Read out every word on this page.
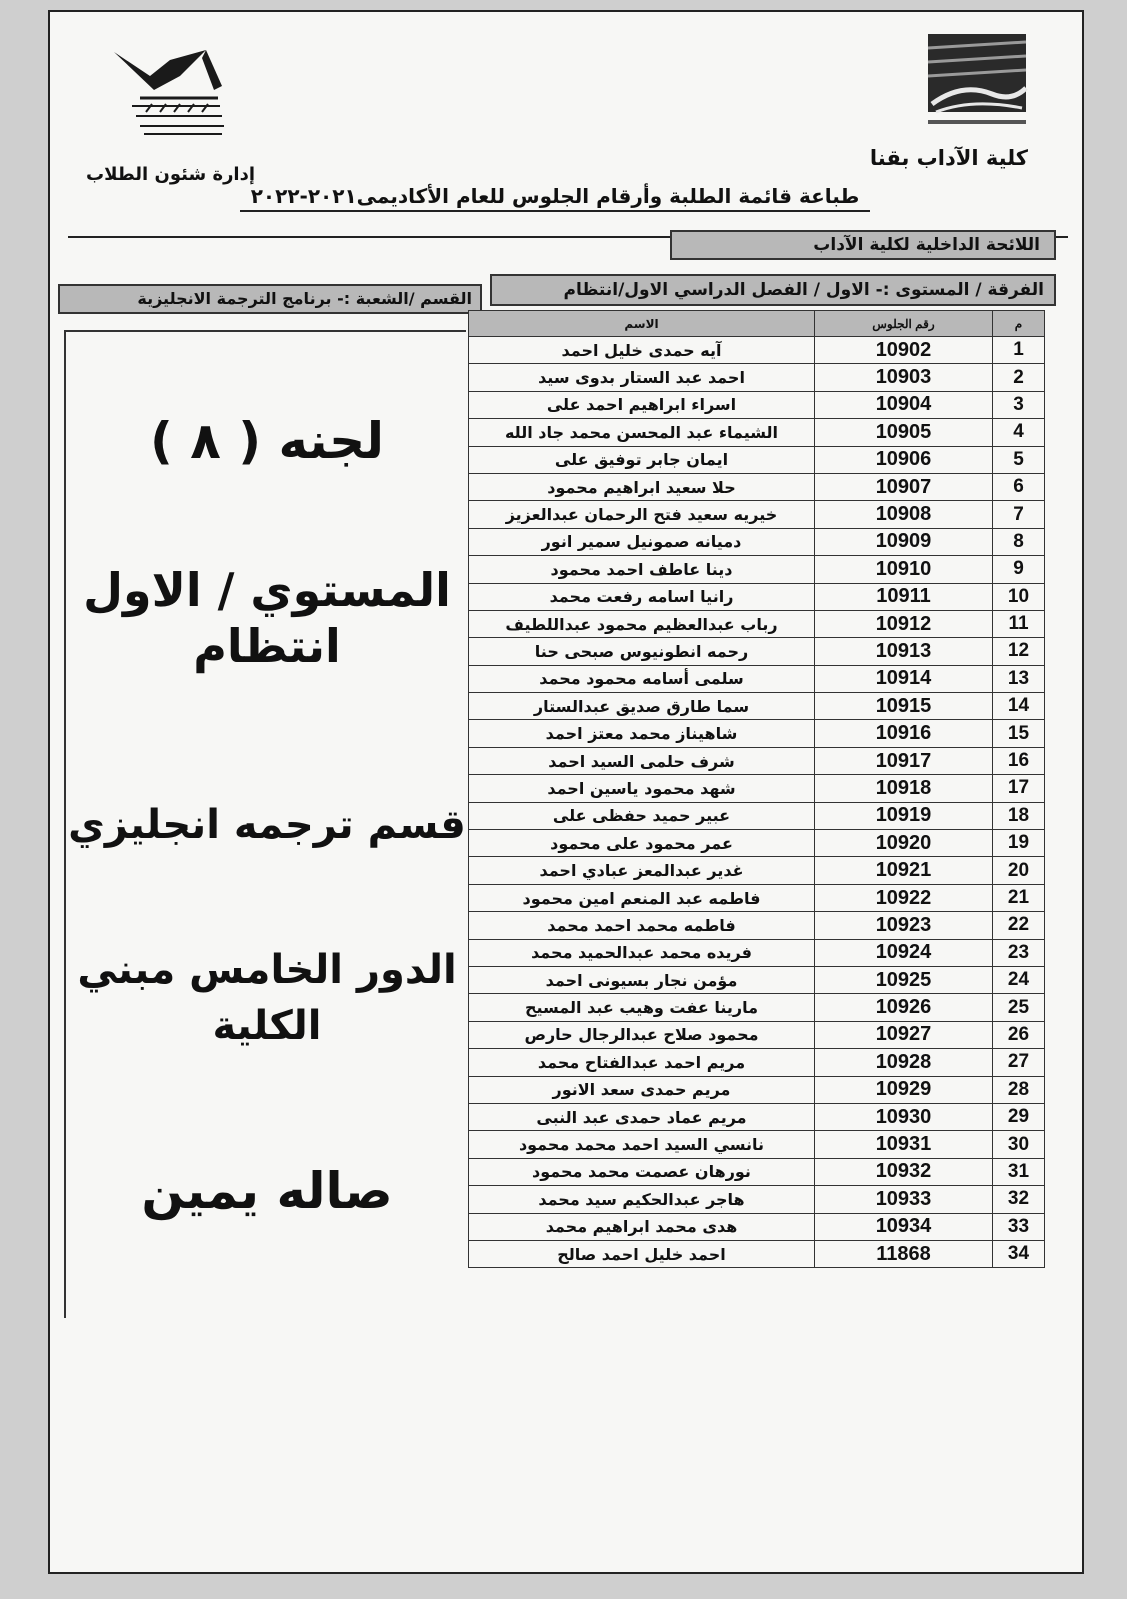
كلية الآداب بقنا
إدارة شئون الطلاب
طباعة قائمة الطلبة وأرقام الجلوس للعام الأكاديمى٢٠٢١-٢٠٢٢
اللائحة الداخلية لكلية الآداب
الفرقة / المستوى :- الاول / الفصل الدراسي الاول/انتظام
القسم /الشعبة :- برنامج الترجمة الانجليزية
لجنه ( ٨ )
المستوي / الاول
انتظام
قسم ترجمه انجليزي
الدور الخامس مبني
الكلية
صاله يمين
م	رقم الجلوس	الاسم
1	10902	آيه حمدى خليل احمد
2	10903	احمد عبد الستار بدوى سيد
3	10904	اسراء ابراهيم احمد على
4	10905	الشيماء عبد المحسن محمد جاد الله
5	10906	ايمان جابر توفيق على
6	10907	حلا سعيد ابراهيم محمود
7	10908	خيريه سعيد فتح الرحمان عبدالعزيز
8	10909	دميانه صمونيل سمير انور
9	10910	دينا عاطف احمد محمود
10	10911	رانيا اسامه رفعت محمد
11	10912	رباب عبدالعظيم محمود عبداللطيف
12	10913	رحمه انطونيوس صبحى حنا
13	10914	سلمى أسامه محمود محمد
14	10915	سما طارق صديق عبدالستار
15	10916	شاهيناز محمد معتز احمد
16	10917	شرف حلمى السيد احمد
17	10918	شهد محمود ياسين احمد
18	10919	عبير حميد حفظى على
19	10920	عمر محمود على محمود
20	10921	غدير عبدالمعز عبادي احمد
21	10922	فاطمه عبد المنعم امين محمود
22	10923	فاطمه محمد احمد محمد
23	10924	فريده محمد عبدالحميد محمد
24	10925	مؤمن نجار بسيونى احمد
25	10926	مارينا عفت وهيب عبد المسيح
26	10927	محمود صلاح عبدالرجال حارص
27	10928	مريم احمد عبدالفتاح محمد
28	10929	مريم حمدى سعد الانور
29	10930	مريم عماد حمدى عبد النبى
30	10931	نانسي السيد احمد محمد محمود
31	10932	نورهان عصمت محمد محمود
32	10933	هاجر عبدالحكيم سيد محمد
33	10934	هدى محمد ابراهيم محمد
34	11868	احمد خليل احمد صالح
